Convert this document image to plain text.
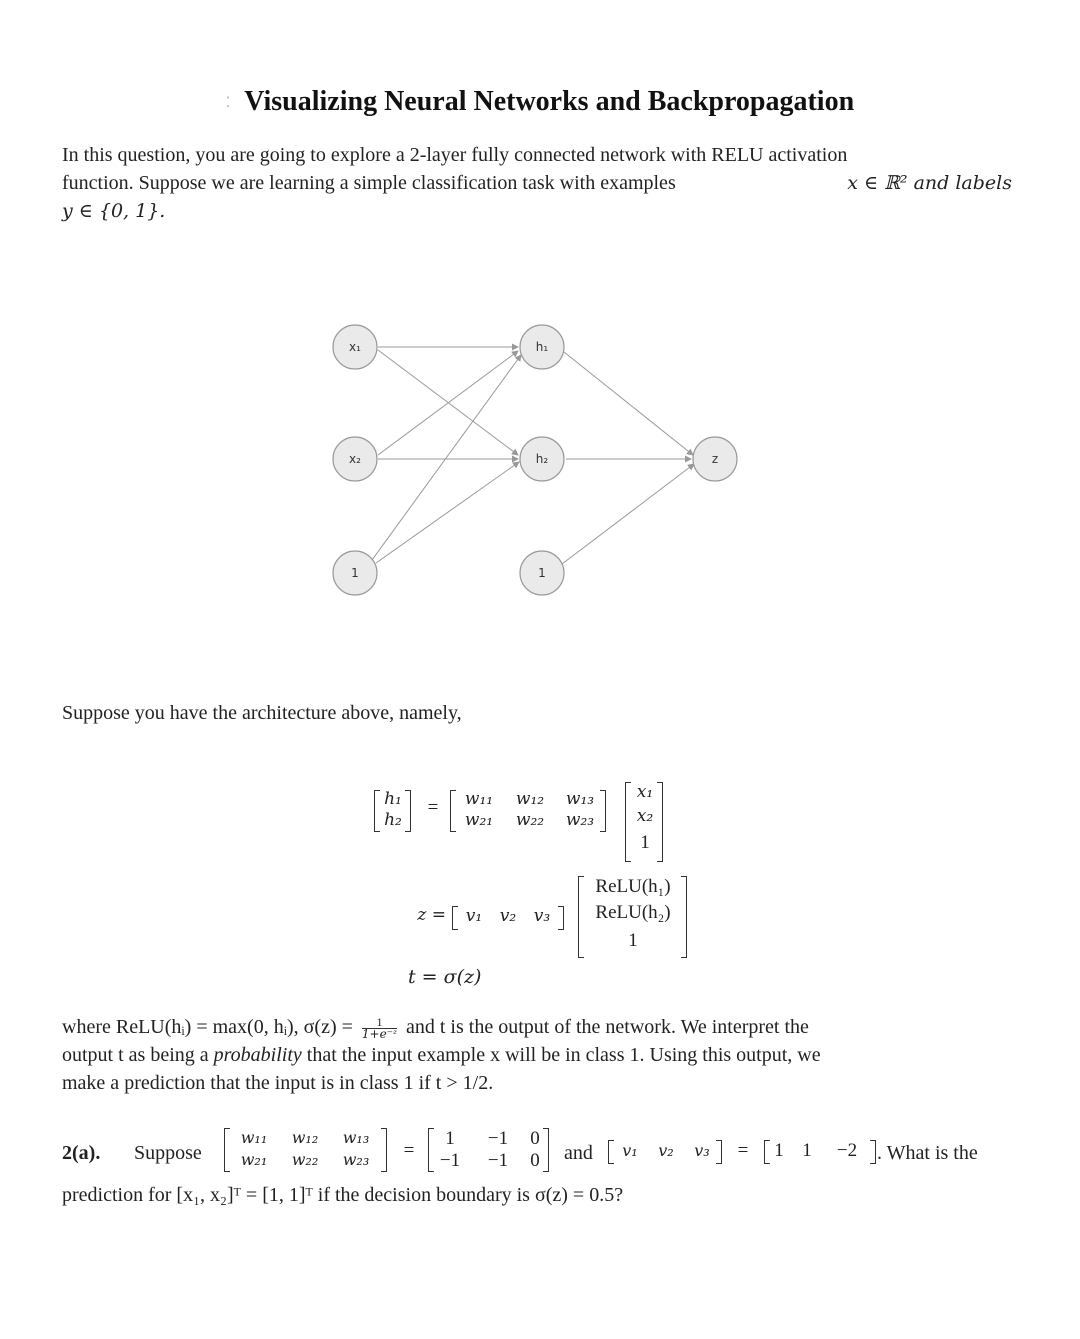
⁚ Visualizing Neural Networks and Backpropagation
In this question, you are going to explore a 2-layer fully connected network with RELU activation
function. Suppose we are learning a simple classification task with examples	x ∈ ℝ² and labels
y ∈ {0, 1}.
x₁
x₂
1
h₁
h₂
1
z
Suppose you have the architecture above, namely,
h₁
h₂
=	w₁₁	w₁₂	w₁₃
w₂₁	w₂₂	w₂₃
x₁
x₂
1
z =	v₁	v₂	v₃
ReLU(h₁)
ReLU(h₂)
1
t = σ(z)
where ReLU(hᵢ) = max(0, hᵢ), $\sigma(z) = \frac{1}{\text{1+e⁻ᶻ}}$ and t is the output of the network. We interpret the
output t as being a probability that the input example x will be in class 1. Using this output, we
make a prediction that the input is in class 1 if t > 1/2.
2(a). Suppose
w₁₁	w₁₂	w₁₃
w₂₁	w₂₂	w₂₃	=
1	−1	0
−1	−1	0	and	v₁	v₂	v₃	=	1 1	−2 . What is the
prediction for [x₁, x₂]ᵀ = [1, 1]ᵀ if the decision boundary is σ(z) = 0.5?
